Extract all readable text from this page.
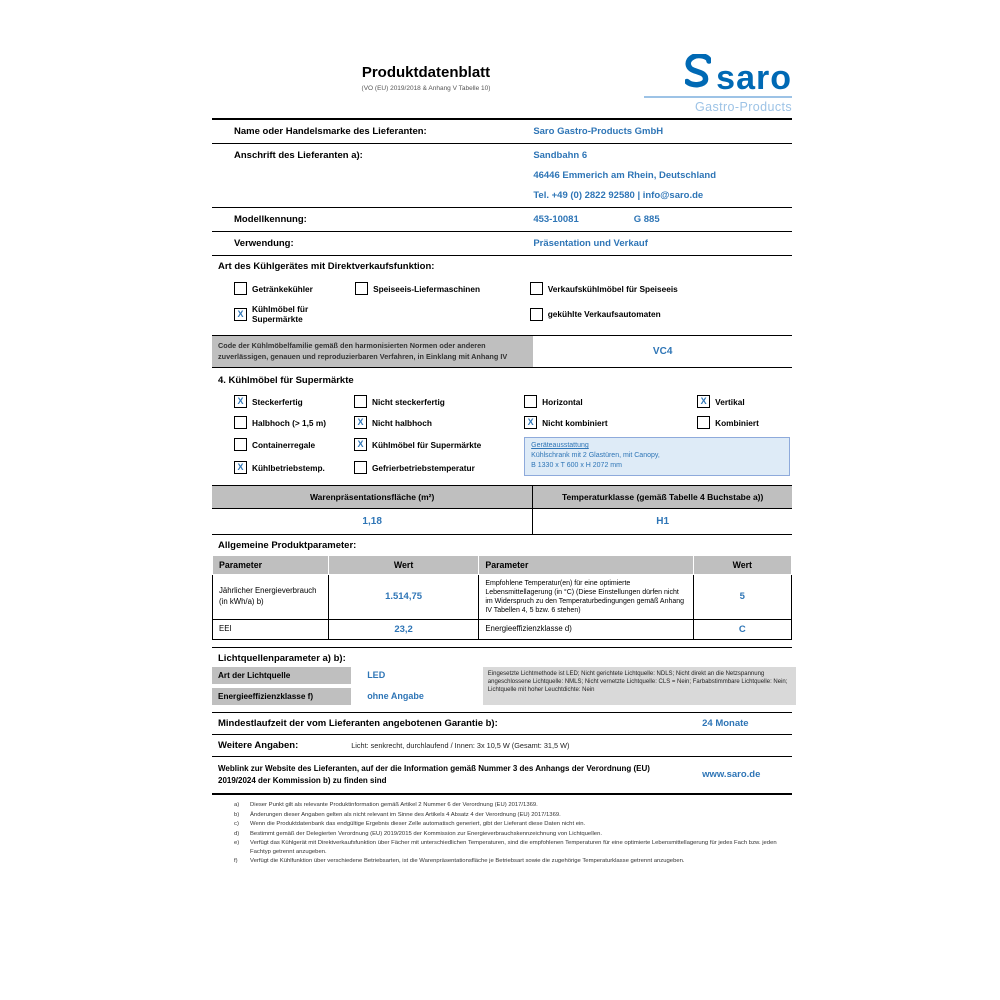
Produktdatenblatt
(VO (EU) 2019/2018 & Anhang V Tabelle 10)	saro
Gastro-Products
Name oder Handelsmarke des Lieferanten:	Saro Gastro-Products GmbH
Anschrift des Lieferanten a):	Sandbahn 6
46446 Emmerich am Rhein, Deutschland
Tel. +49 (0) 2822 92580 | info@saro.de
Modellkennung:	453-10081	G 885
Verwendung:	Präsentation und Verkauf
Art des Kühlgerätes mit Direktverkaufsfunktion:
Getränkekühler	Speiseeis-Liefermaschinen	Verkaufskühlmöbel für Speiseeis
X Kühlmöbel für Supermärkte	gekühlte Verkaufsautomaten
Code der Kühlmöbelfamilie gemäß den harmonisierten Normen oder anderen zuverlässigen, genauen und reproduzierbaren Verfahren, in Einklang mit Anhang IV	VC4
4. Kühlmöbel für Supermärkte
X Steckerfertig	Nicht steckerfertig	Horizontal	X Vertikal
Halbhoch (> 1,5 m)	X Nicht halbhoch	X Nicht kombiniert	Kombiniert
Containerregale	X Kühlmöbel für Supermärkte	Geräteausstattung
Kühlschrank mit 2 Glastüren, mit Canopy,
B 1330 x T 600 x H 2072 mm
X Kühlbetriebstemp.	Gefrierbetriebstemperatur
Warenpräsentationsfläche (m²)	Temperaturklasse (gemäß Tabelle 4 Buchstabe a))
1,18	H1
Allgemeine Produktparameter:
Parameter	Wert	Parameter	Wert
Jährlicher Energieverbrauch (in kWh/a) b)	1.514,75	Empfohlene Temperatur(en) für eine optimierte Lebensmittellagerung (in °C) (Diese Einstellungen dürfen nicht im Widerspruch zu den Temperaturbedingungen gemäß Anhang IV Tabellen 4, 5 bzw. 6 stehen)	5
EEI	23,2	Energieeffizienzklasse d)	C
Lichtquellenparameter a) b):
Art der Lichtquelle	LED	Eingesetzte Lichtmethode ist LED; Nicht gerichtete Lichtquelle: NDLS; Nicht direkt an die Netzspannung angeschlossene Lichtquelle: NMLS; Nicht vernetzte Lichtquelle: CLS = Nein; Farbabstimmbare Lichtquelle: Nein; Lichtquelle mit hoher Leuchtdichte: Nein
Energieeffizienzklasse f)	ohne Angabe
Mindestlaufzeit der vom Lieferanten angebotenen Garantie b):	24 Monate
Weitere Angaben:	Licht: senkrecht, durchlaufend / Innen: 3x 10,5 W (Gesamt: 31,5 W)
Weblink zur Website des Lieferanten, auf der die Information gemäß Nummer 3 des Anhangs der Verordnung (EU) 2019/2024 der Kommission b) zu finden sind	www.saro.de
a)	Dieser Punkt gilt als relevante Produktinformation gemäß Artikel 2 Nummer 6 der Verordnung (EU) 2017/1369.
b)	Änderungen dieser Angaben gelten als nicht relevant im Sinne des Artikels 4 Absatz 4 der Verordnung (EU) 2017/1369.
c)	Wenn die Produktdatenbank das endgültige Ergebnis dieser Zelle automatisch generiert, gibt der Lieferant diese Daten nicht ein.
d)	Bestimmt gemäß der Delegierten Verordnung (EU) 2019/2015 der Kommission zur Energieverbrauchskennzeichnung von Lichtquellen.
e)	Verfügt das Kühlgerät mit Direktverkaufsfunktion über Fächer mit unterschiedlichen Temperaturen, sind die empfohlenen Temperaturen für eine optimierte Lebensmittellagerung für jedes Fach bzw. jeden Fachtyp getrennt anzugeben.
f)	Verfügt die Kühlfunktion über verschiedene Betriebsarten, ist die Warenpräsentationsfläche je Betriebsart sowie die zugehörige Temperaturklasse getrennt anzugeben.
